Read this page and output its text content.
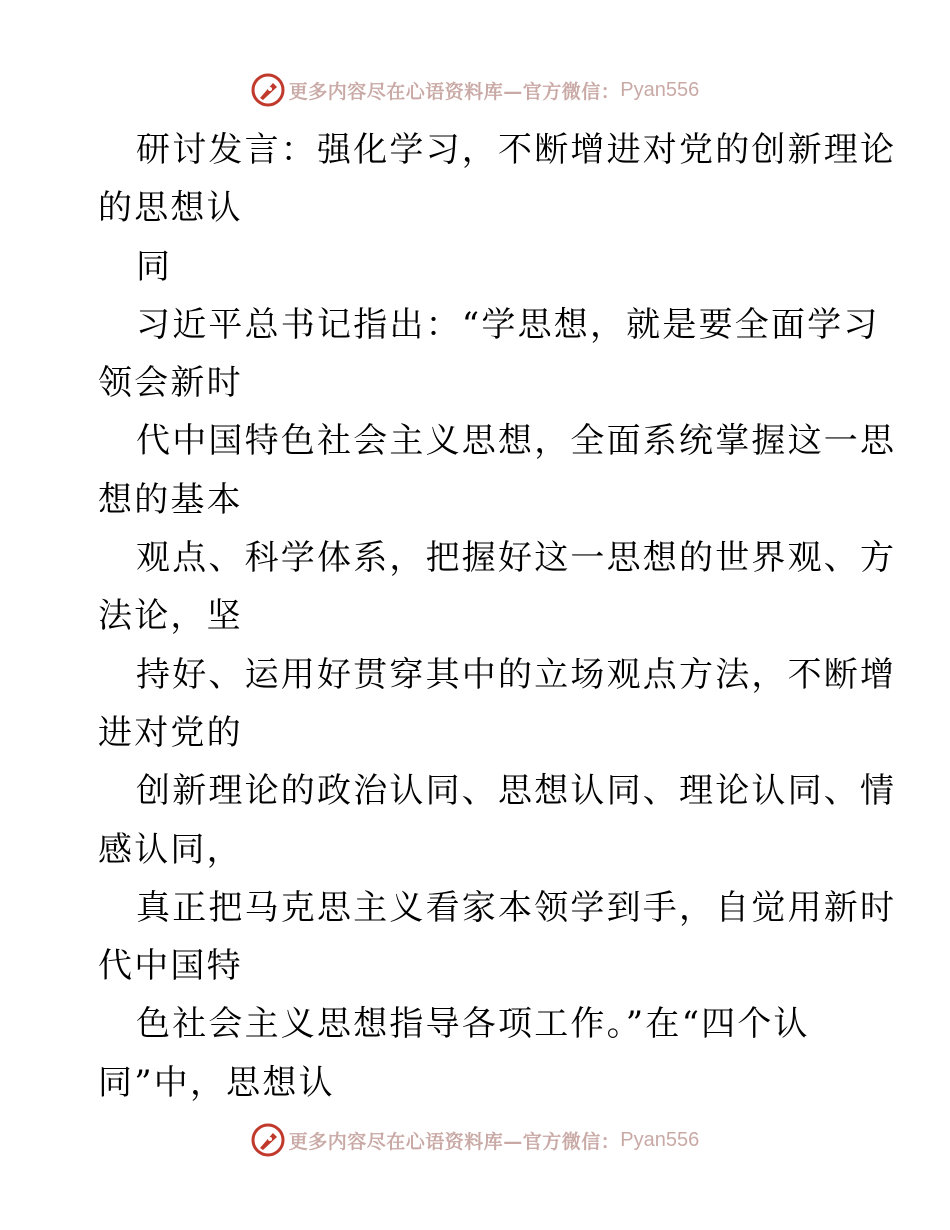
更多内容尽在心语资料库—官方微信： Pyan556
研讨发言：强化学习，不断增进对党的创新理论
的思想认
同
习近平总书记指出：“学思想，就是要全面学习
领会新时
代中国特色社会主义思想，全面系统掌握这一思
想的基本
观点、科学体系，把握好这一思想的世界观、方
法论，坚
持好、运用好贯穿其中的立场观点方法，不断增
进对党的
创新理论的政治认同、思想认同、理论认同、情
感认同，
真正把马克思主义看家本领学到手，自觉用新时
代中国特
色社会主义思想指导各项工作。”在“四个认
同”中，思想认
更多内容尽在心语资料库—官方微信： Pyan556
